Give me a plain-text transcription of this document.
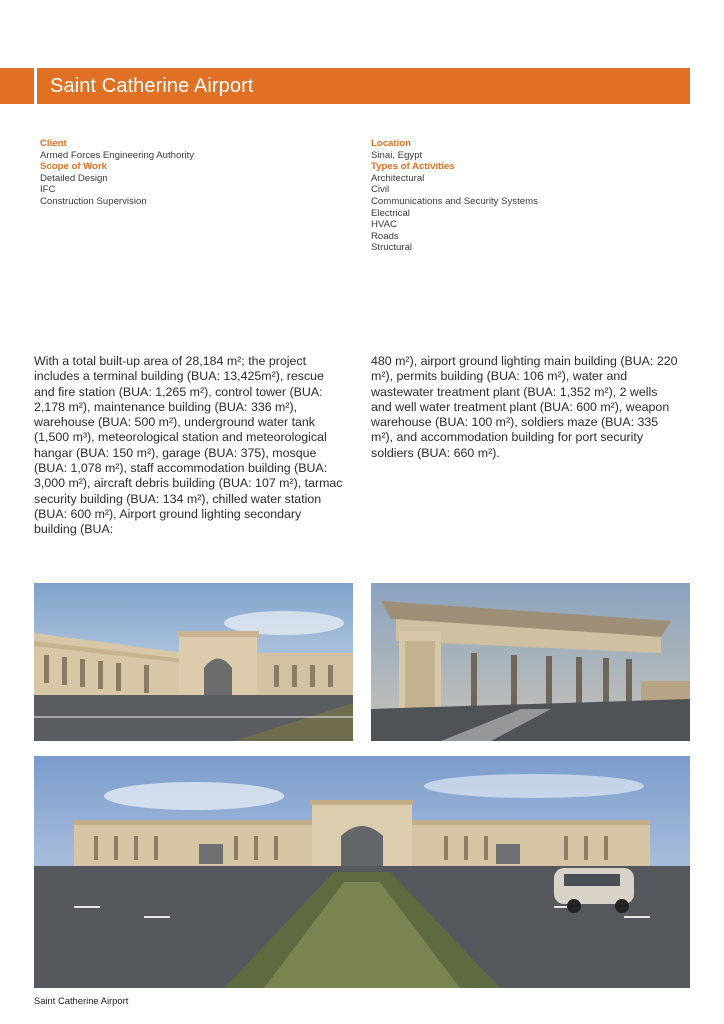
Saint Catherine Airport
Client
Armed Forces Engineering Authority
Scope of Work
Detailed Design
IFC
Construction Supervision
Location
Sinai, Egypt
Types of Activities
Architectural
Civil
Communications and Security Systems
Electrical
HVAC
Roads
Structural
With a total built-up area of 28,184 m²; the project includes a terminal building (BUA: 13,425m²), rescue and fire station (BUA: 1,265 m²), control tower (BUA: 2,178 m²), maintenance building (BUA: 336 m²), warehouse (BUA: 500 m²), underground water tank (1,500 m³), meteorological station and meteorological hangar (BUA: 150 m²), garage (BUA: 375), mosque (BUA: 1,078 m²), staff accommodation building (BUA: 3,000 m²), aircraft debris building (BUA: 107 m²), tarmac security building (BUA: 134 m²), chilled water station (BUA: 600 m²), Airport ground lighting secondary building (BUA:
480 m²), airport ground lighting main building (BUA: 220 m²), permits building (BUA: 106 m²), water and wastewater treatment plant (BUA: 1,352 m²), 2 wells and well water treatment plant (BUA: 600 m²), weapon warehouse (BUA: 100 m²), soldiers maze (BUA: 335 m²), and accommodation building for port security soldiers (BUA: 660 m²).
Saint Catherine Airport
